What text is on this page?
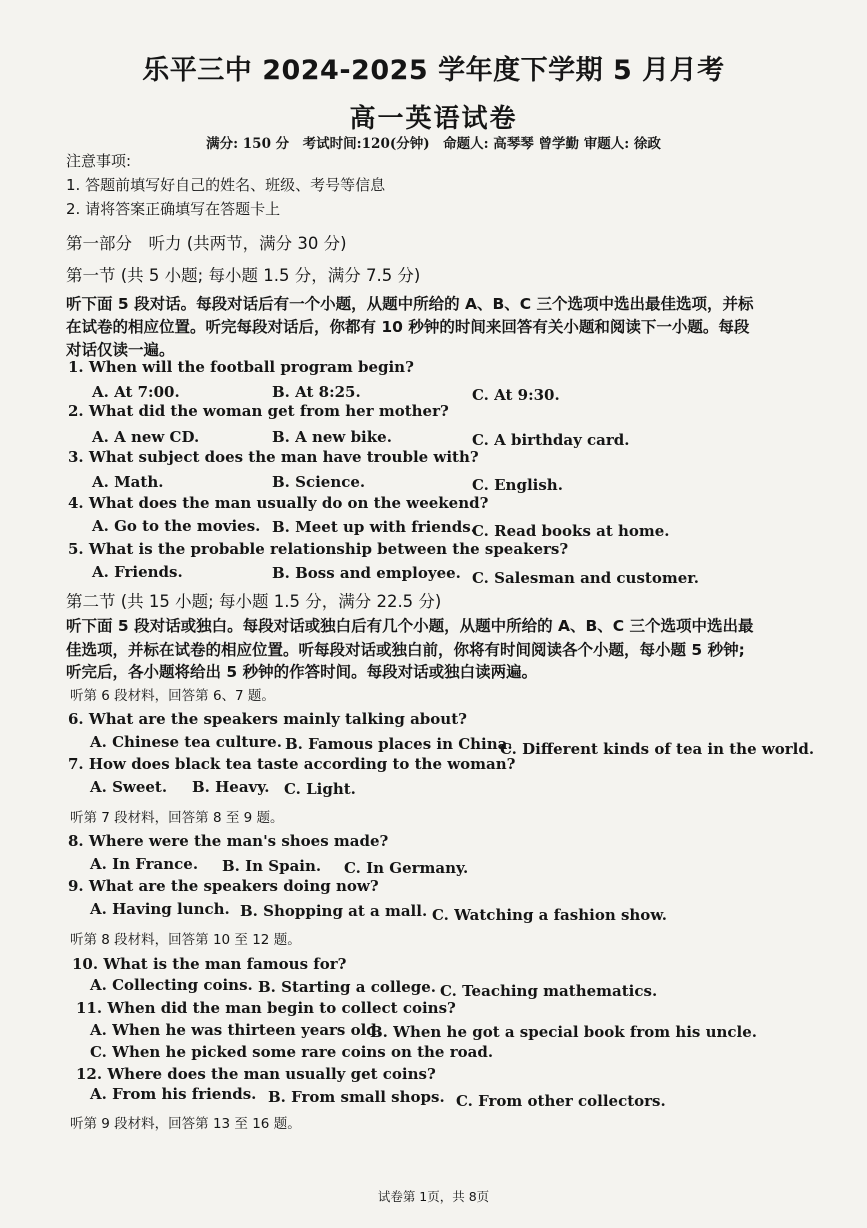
乐平三中 2024-2025 学年度下学期 5 月月考
高一英语试卷
满分: 150 分　考试时间:120(分钟)　命题人: 高琴琴 曾学勤 审题人: 徐政
注意事项:
1. 答题前填写好自己的姓名、班级、考号等信息
2. 请将答案正确填写在答题卡上
第一部分　听力 (共两节，满分 30 分)
第一节 (共 5 小题; 每小题 1.5 分，满分 7.5 分)
听下面 5 段对话。每段对话后有一个小题，从题中所给的 A、B、C 三个选项中选出最佳选项，并标
在试卷的相应位置。听完每段对话后，你都有 10 秒钟的时间来回答有关小题和阅读下一小题。每段
对话仅读一遍。
1. When will the football program begin?
A. At 7:00.	B. At 8:25.	C. At 9:30.
2. What did the woman get from her mother?
A. A new CD.	B. A new bike.	C. A birthday card.
3. What subject does the man have trouble with?
A. Math.	B. Science.	C. English.
4. What does the man usually do on the weekend?
A. Go to the movies. B. Meet up with friends.
C. Read books at home.
5. What is the probable relationship between the speakers?
A. Friends.	B. Boss and employee. C. Salesman and customer.
第二节 (共 15 小题; 每小题 1.5 分，满分 22.5 分)
听下面 5 段对话或独白。每段对话或独白后有几个小题，从题中所给的 A、B、C 三个选项中选出最
佳选项，并标在试卷的相应位置。听每段对话或独白前，你将有时间阅读各个小题，每小题 5 秒钟;
听完后，各小题将给出 5 秒钟的作答时间。每段对话或独白读两遍。
听第 6 段材料，回答第 6、7 题。
6. What are the speakers mainly talking about?
A. Chinese tea culture. B. Famous places in China.
C. Different kinds of tea in the world.
7. How does black tea taste according to the woman?
A. Sweet. B. Heavy. C. Light.
听第 7 段材料，回答第 8 至 9 题。
8. Where were the man's shoes made?
A. In France. B. In Spain. C. In Germany.
9. What are the speakers doing now?
A. Having lunch. B. Shopping at a mall. C. Watching a fashion show.
听第 8 段材料，回答第 10 至 12 题。
10. What is the man famous for?
A. Collecting coins. B. Starting a college. C. Teaching mathematics.
11. When did the man begin to collect coins?
A. When he was thirteen years old.
B. When he got a special book from his uncle.
C. When he picked some rare coins on the road.
12. Where does the man usually get coins?
A. From his friends. B. From small shops. C. From other collectors.
听第 9 段材料，回答第 13 至 16 题。
试卷第 1页，共 8页
